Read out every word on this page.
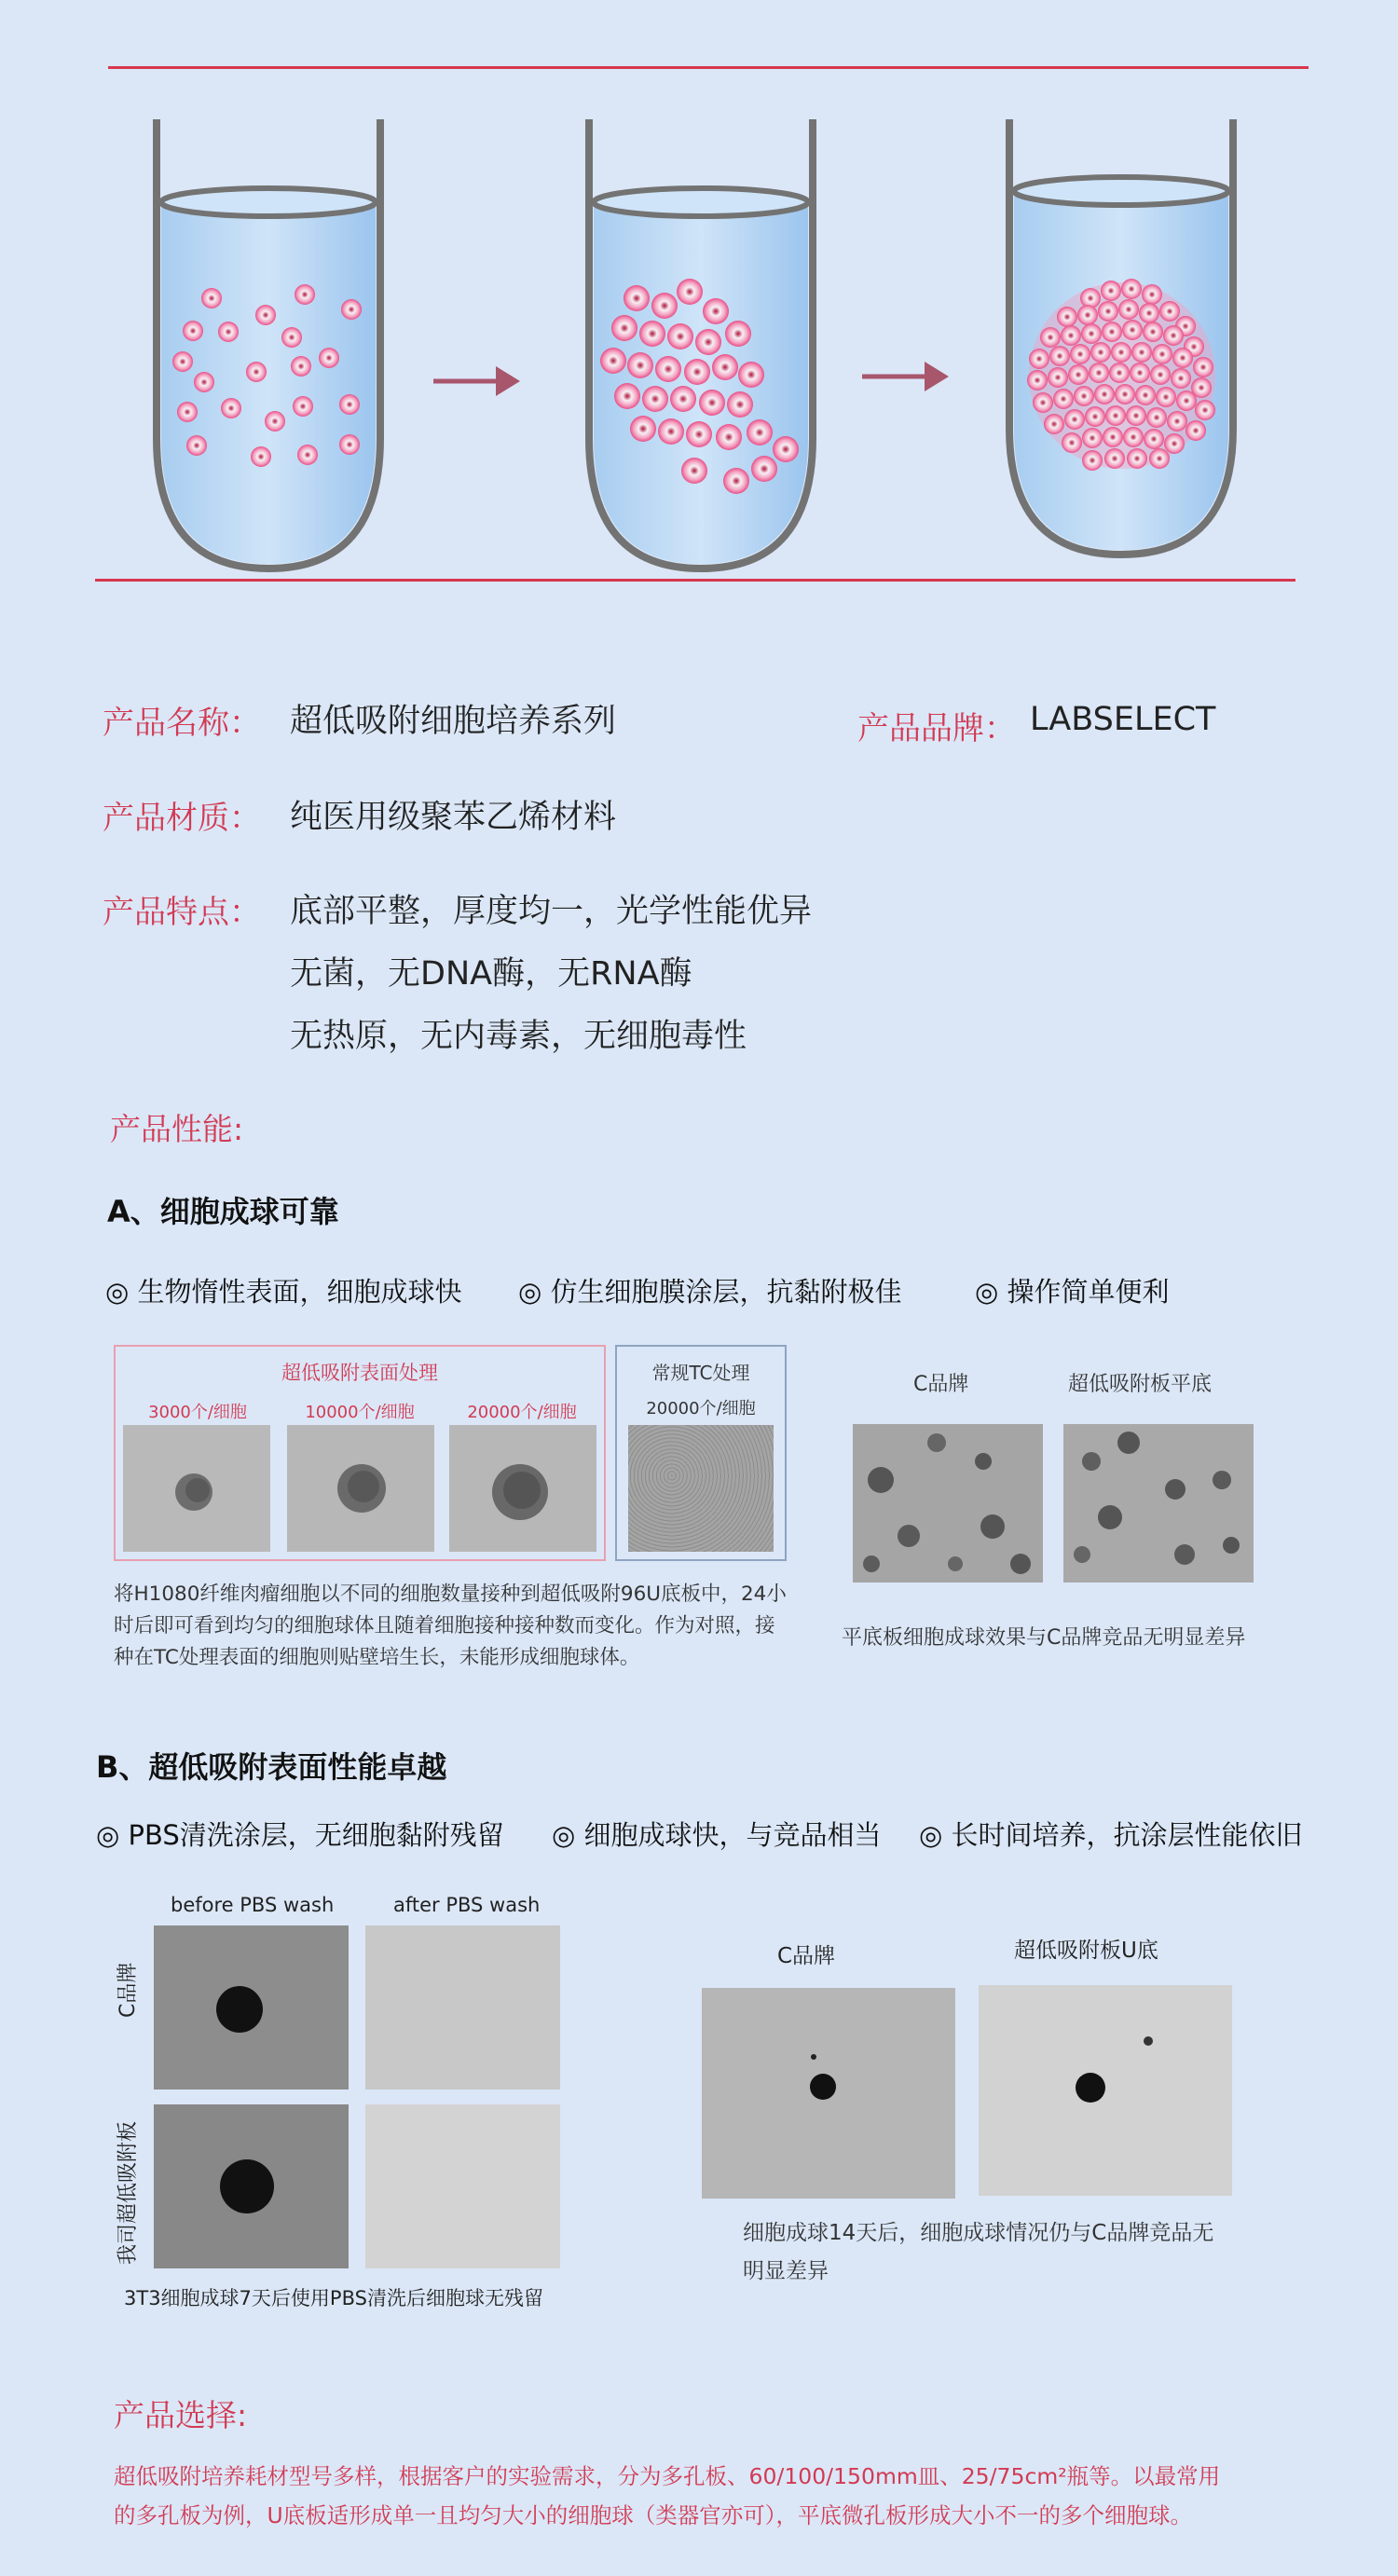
产品名称： 超低吸附细胞培养系列	产品品牌： LABSELECT
产品材质： 纯医用级聚苯乙烯材料
产品特点： 底部平整，厚度均一，光学性能优异
无菌，无DNA酶，无RNA酶
无热原，无内毒素，无细胞毒性
产品性能:
A、细胞成球可靠
◎ 生物惰性表面，细胞成球快 ◎ 仿生细胞膜涂层，抗黏附极佳	◎ 操作简单便利
超低吸附表面处理
3000个/细胞	10000个/细胞	20000个/细胞
常规TC处理
20000个/细胞
将H1080纤维肉瘤细胞以不同的细胞数量接种到超低吸附96U底板中，24小时后即可看到均匀的细胞球体且随着细胞接种接种数而变化。作为对照，接种在TC处理表面的细胞则贴壁培生长，未能形成细胞球体。
C品牌	超低吸附板平底
平底板细胞成球效果与C品牌竞品无明显差异
B、超低吸附表面性能卓越
◎ PBS清洗涂层，无细胞黏附残留 ◎ 细胞成球快，与竞品相当 ◎ 长时间培养，抗涂层性能依旧
before PBS wash	after PBS wash
C品牌
我司超低吸附板
3T3细胞成球7天后使用PBS清洗后细胞球无残留
C品牌	超低吸附板U底
细胞成球14天后，细胞成球情况仍与C品牌竞品无明显差异
产品选择:
超低吸附培养耗材型号多样，根据客户的实验需求，分为多孔板、60/100/150mm皿、25/75cm²瓶等。以最常用的多孔板为例，U底板适形成单一且均匀大小的细胞球（类器官亦可），平底微孔板形成大小不一的多个细胞球。
